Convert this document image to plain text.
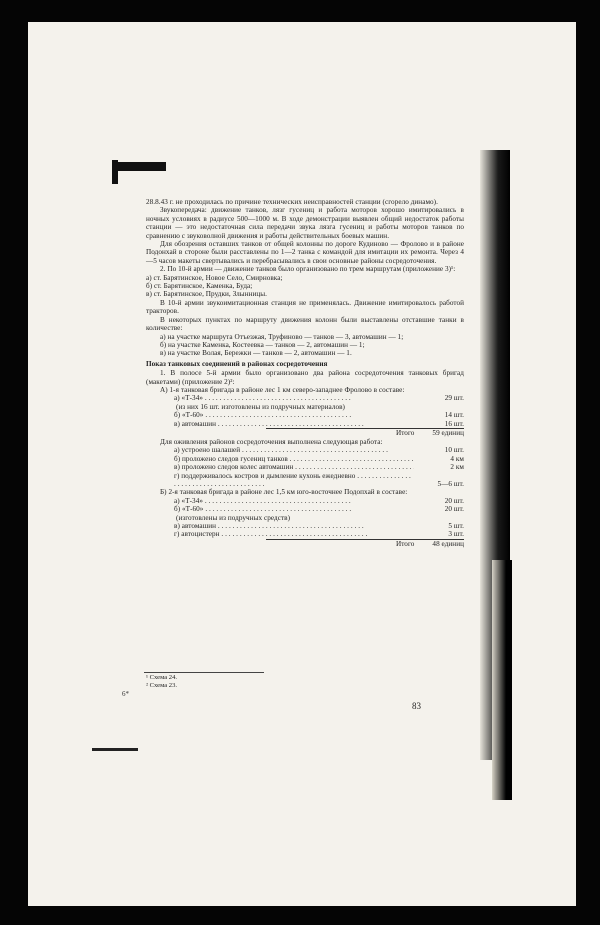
28.8.43 г. не проходилась по причине технических неисправностей станции (сгорело динамо).

Звукопередача: движение танков, лязг гусениц и работа моторов хорошо имитировались в ночных условиях в радиусе 500—1000 м. В ходе демонстрации выявлен общий недостаток работы станции — это недостаточная сила передачи звука лязга гусениц и работы моторов танков по сравнению с звуковолной движения и работы действительных боевых машин.

Для обозрения оставших танков от общей колонны по дороге Кудиново — Фролово и в районе Подонхай в стороне были расставлены по 1—2 танка с командой для имитации их ремонта. Через 4—5 часов макеты свертывались и перебрасывались в свои основные районы сосредоточения.

2. По 10-й армии — движение танков было организовано по трем маршрутам (приложение 3)¹:

а) ст. Барятинское, Новое Село, Смирновка;

б) ст. Барятинское, Каменка, Буда;

в) ст. Барятинское, Прудки, Злынницы.

В 10-й армии звукоимитационная станция не применялась. Движение имитировалось работой тракторов.

В некоторых пунктах по маршруту движения колонн были выставлены отставшие танки в количестве:

а) на участке маршрута Отъезжая, Труфиново — танков — 3, автомашин — 1;

б) на участке Каменка, Костеевка — танков — 2, автомашин — 1;

в) на участке Волая, Бережки — танков — 2, автомашин — 1.

Показ танковых соединений в районах сосредоточения

1. В полосе 5-й армии было организовано два района сосредоточения танковых бригад (макетами) (приложение 2)²:

А) 1-я танковая бригада в районе лес 1 км северо-западнее Фролово в составе:

а) «Т-34» . . .	29 шт.
(из них 16 шт. изготовлены из подручных материалов)
б) «Т-60» . . .	14 шт.
в) автомашин . . .	16 шт.

Итого	59 единиц

Для оживления районов сосредоточения выполнена следующая работа:

а) устроено шалашей . . .	10 шт.
б) проложено следов гусениц танков . . .	4 км
в) проложено следов колес автомашин . . .	2 км
г) поддерживалось костров и дымление кухонь ежедневно . . .
5—6 шт.

Б) 2-я танковая бригада в районе лес 1,5 км юго-восточнее Подопхай в составе:

а) «Т-34» . . .	20 шт.
б) «Т-60» . . .	20 шт.
(изготовлены из подручных средств)
в) автомашин . . .	5 шт.
г) автоцистерн . . .	3 шт.

Итого	48 единиц

¹ Схема 24.
² Схема 23.
6*
83
